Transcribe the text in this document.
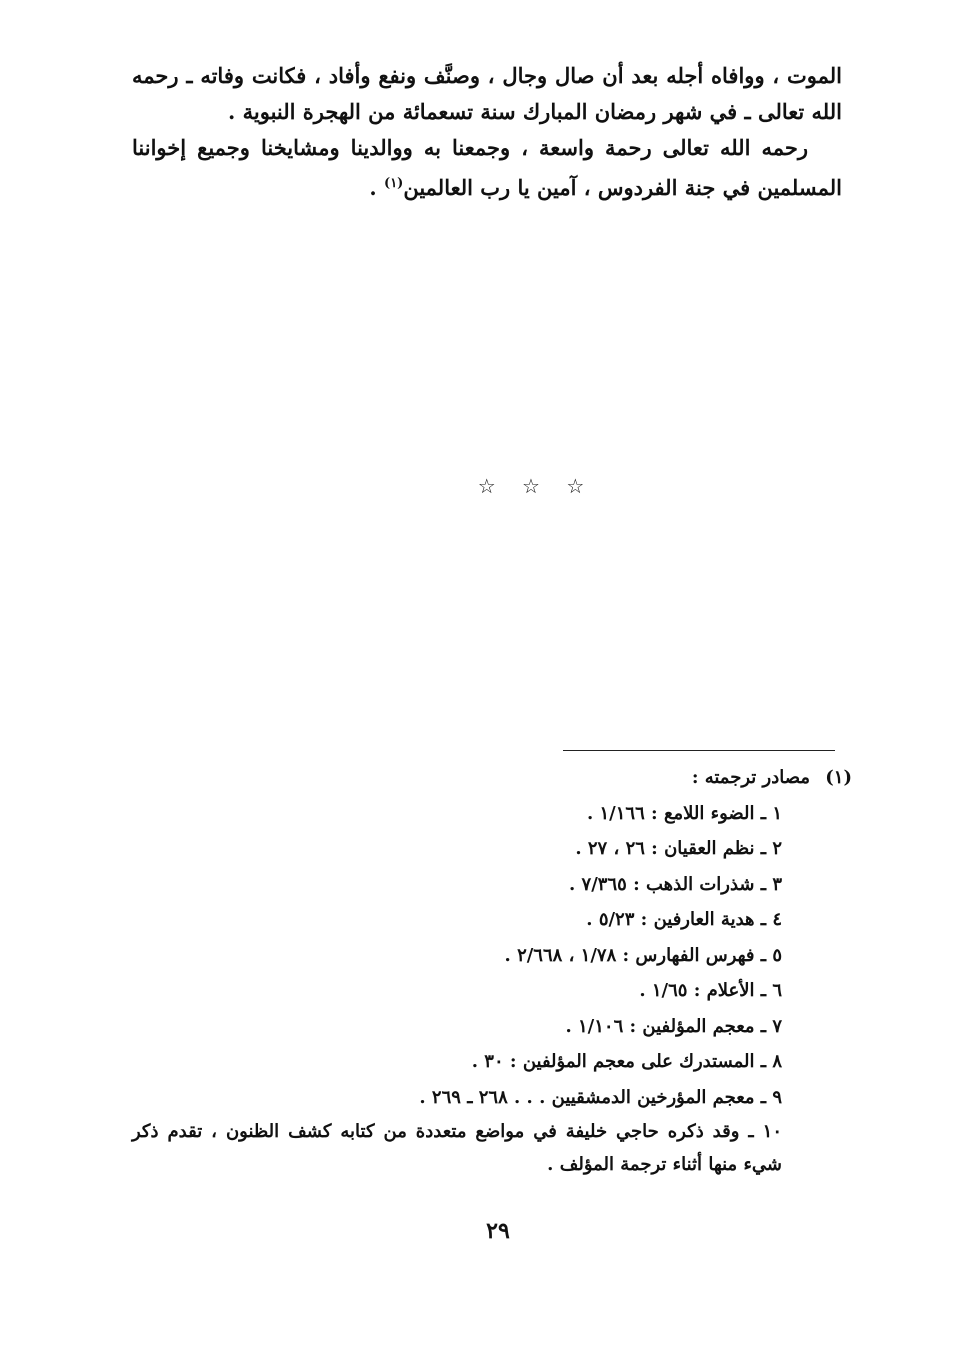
الموت ، ووافاه أجله بعد أن صال وجال ، وصنَّف ونفع وأفاد ، فكانت وفاته ـ رحمه الله تعالى ـ في شهر رمضان المبارك سنة تسعمائة من الهجرة النبوية .

رحمه الله تعالى رحمة واسعة ، وجمعنا به ووالدينا ومشايخنا وجميع إخواننا المسلمين في جنة الفردوس ، آمين يا رب العالمين$^{(١)}$ .

☆ ☆ ☆
(١)
مصادر ترجمته :
١ ـ الضوء اللامع : ١/١٦٦ .
٢ ـ نظم العقيان : ٢٦ ، ٢٧ .
٣ ـ شذرات الذهب : ٧/٣٦٥ .
٤ ـ هدية العارفين : ٥/٢٣ .
٥ ـ فهرس الفهارس : ١/٧٨ ، ٢/٦٦٨ .
٦ ـ الأعلام : ١/٦٥ .
٧ ـ معجم المؤلفين : ١/١٠٦ .
٨ ـ المستدرك على معجم المؤلفين : ٣٠ .
٩ ـ معجم المؤرخين الدمشقيين . . . ٢٦٨ ـ ٢٦٩ .
١٠ ـ وقد ذكره حاجي خليفة في مواضع متعددة من كتابه كشف الظنون ، تقدم ذكر شيء منها أثناء ترجمة المؤلف .
٢٩
